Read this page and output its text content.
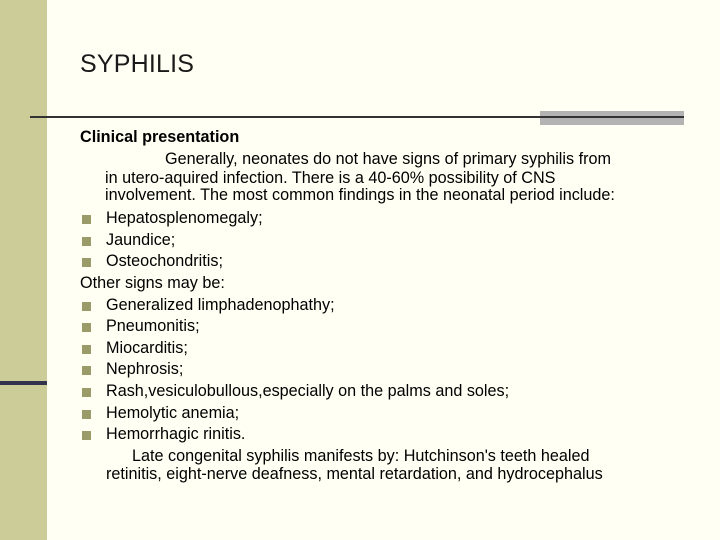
SYPHILIS
Clinical presentation
Generally, neonates do not have signs of primary syphilis from
in utero-aquired infection. There is a 40-60% possibility of CNS
involvement. The most common findings in the neonatal period include:
Hepatosplenomegaly;
Jaundice;
Osteochondritis;
Other signs may be:
Generalized limphadenophathy;
Pneumonitis;
Miocarditis;
Nephrosis;
Rash,vesiculobullous,especially on the palms and soles;
Hemolytic anemia;
Hemorrhagic rinitis.
Late congenital syphilis manifests by: Hutchinson's teeth healed
retinitis, eight-nerve deafness, mental retardation, and hydrocephalus
